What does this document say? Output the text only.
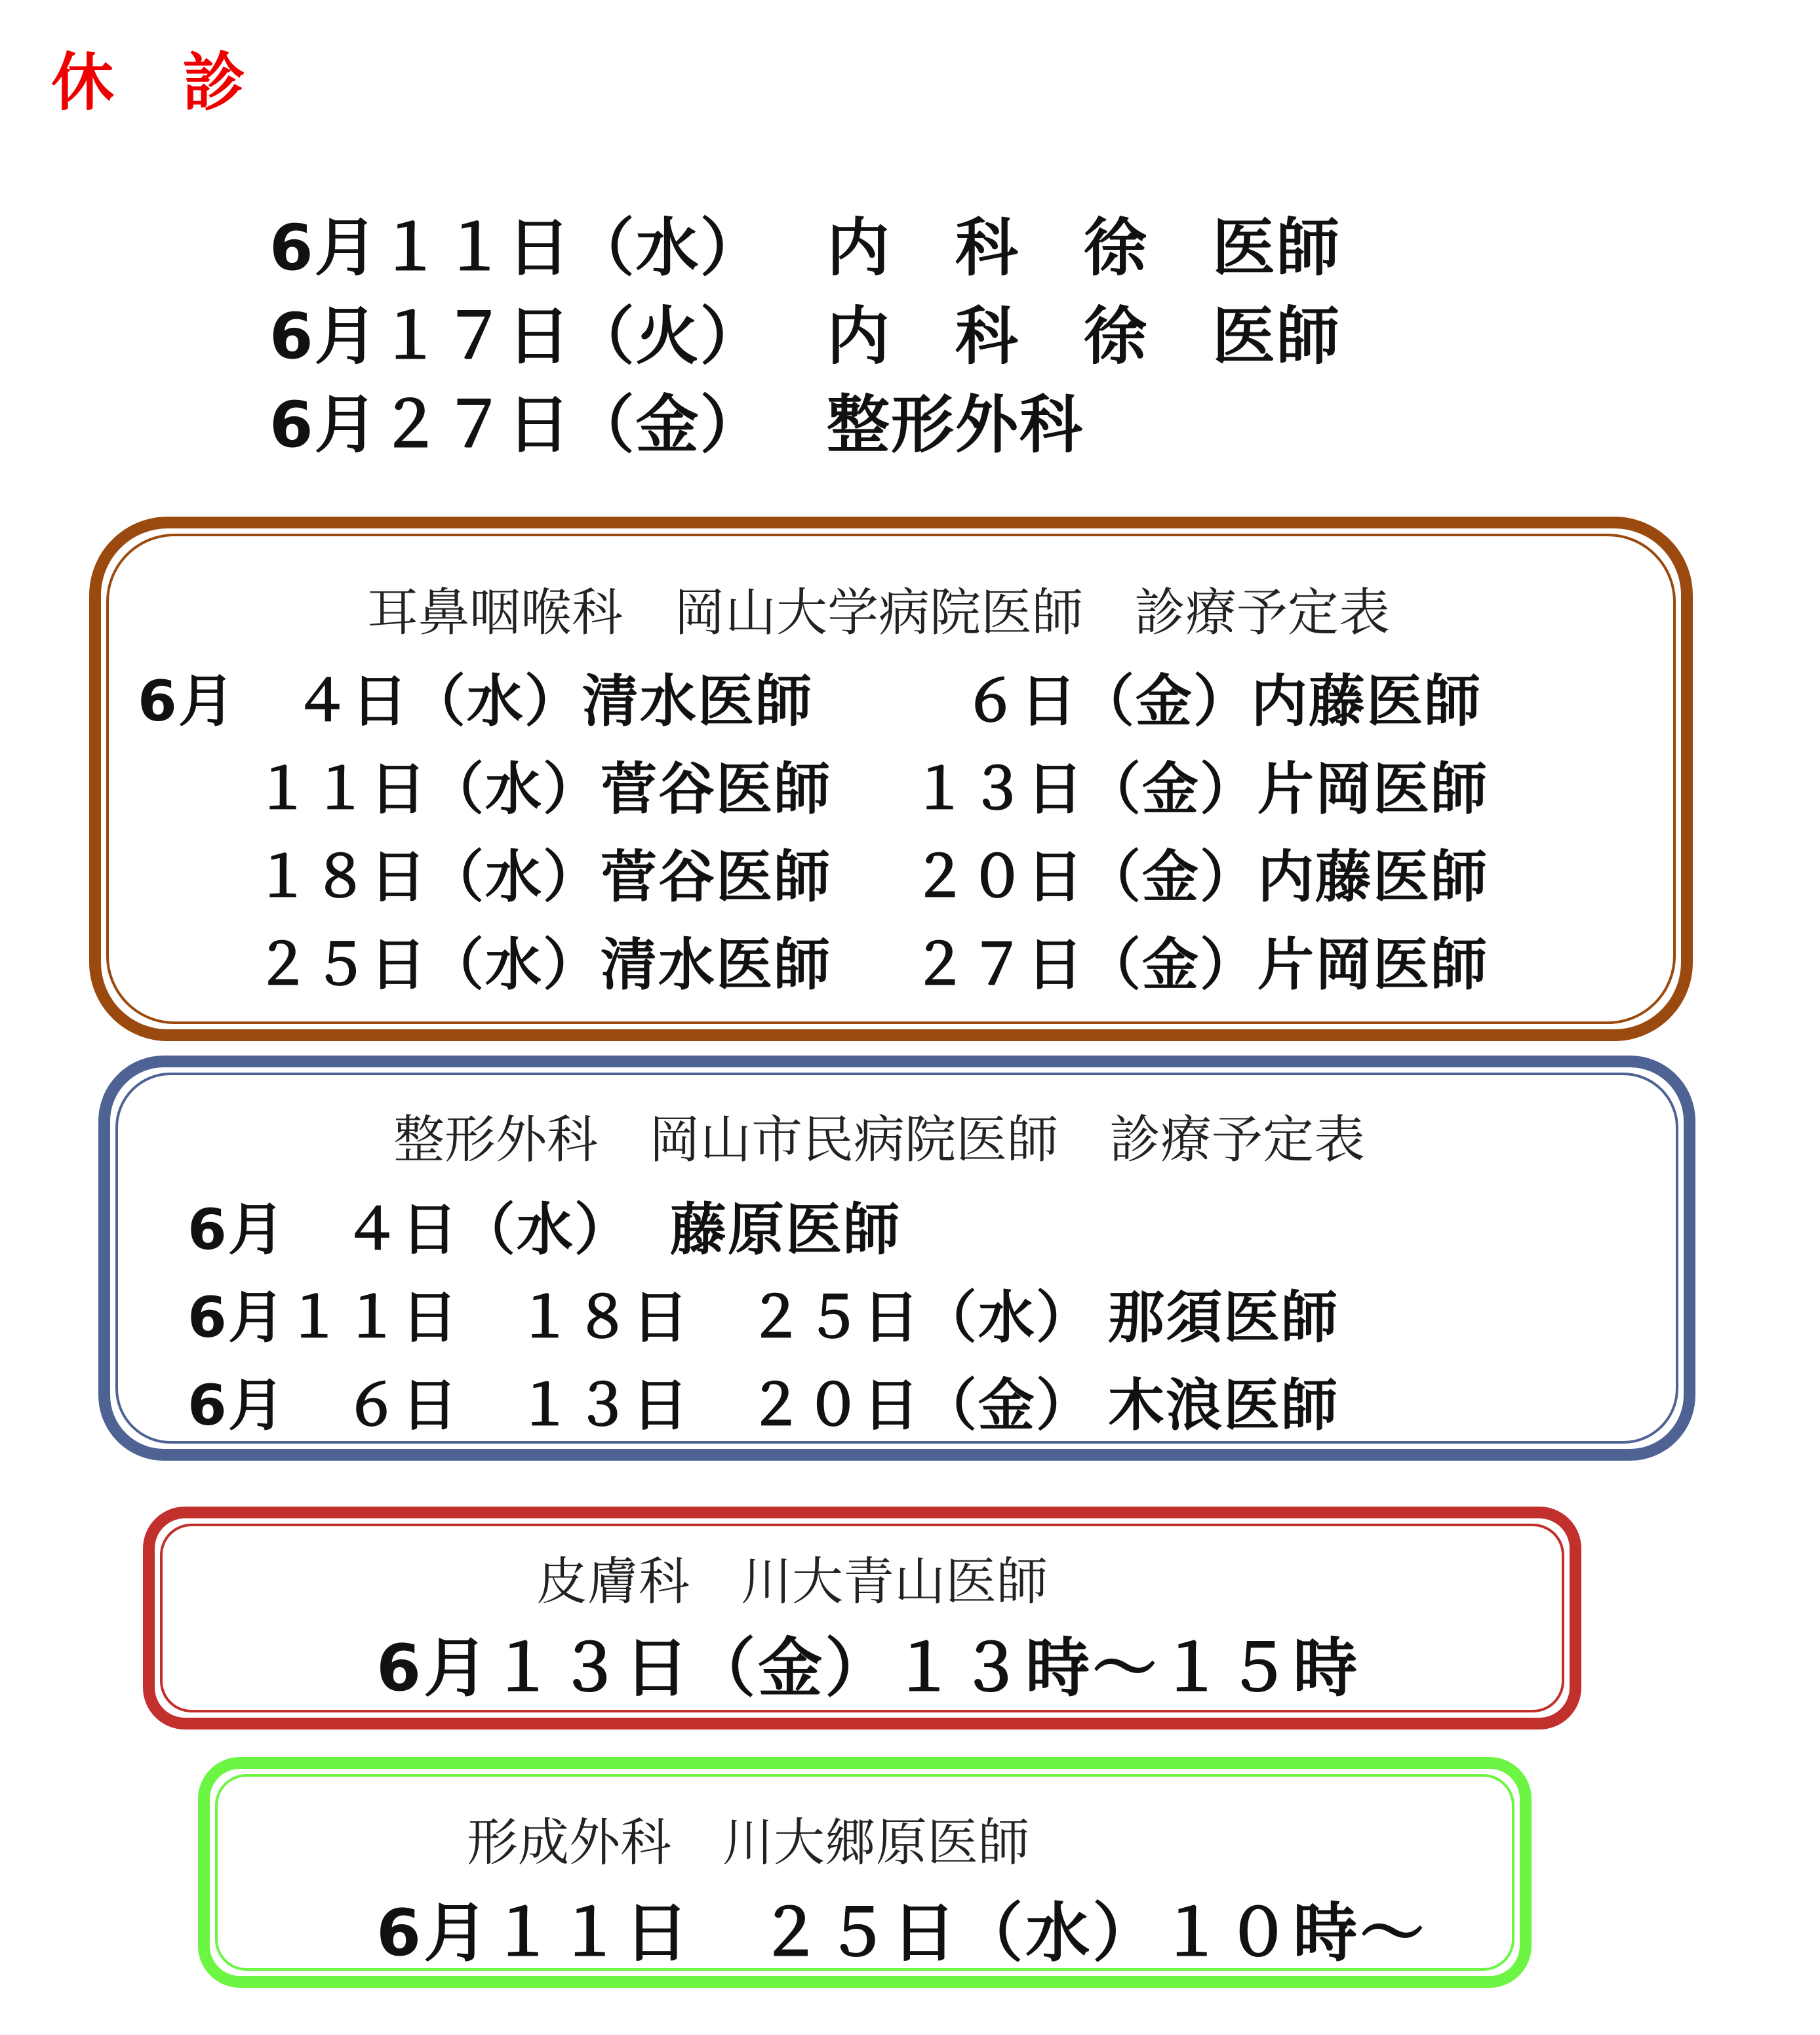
休　診

6月１１日（水） 内　科　徐　医師

6月１７日（火） 内　科　徐　医師

6月２７日（金） 整形外科

耳鼻咽喉科　岡山大学病院医師　診療予定表
6月　４日（水）清水医師
１１日（水）菅谷医師
１８日（水）菅谷医師
２５日（水）清水医師
６日（金）内藤医師
１３日（金）片岡医師
２０日（金）内藤医師
２７日（金）片岡医師
整形外科　岡山市民病院医師　診療予定表
6月　４日（水） 藤原医師
6月１１日　１８日　２５日（水） 那須医師
6月　６日　１３日　２０日（金） 木浪医師
皮膚科　川大青山医師
6月１３日（金）１３時～１５時
形成外科　川大郷原医師
6月１１日　２５日（水）１０時～
